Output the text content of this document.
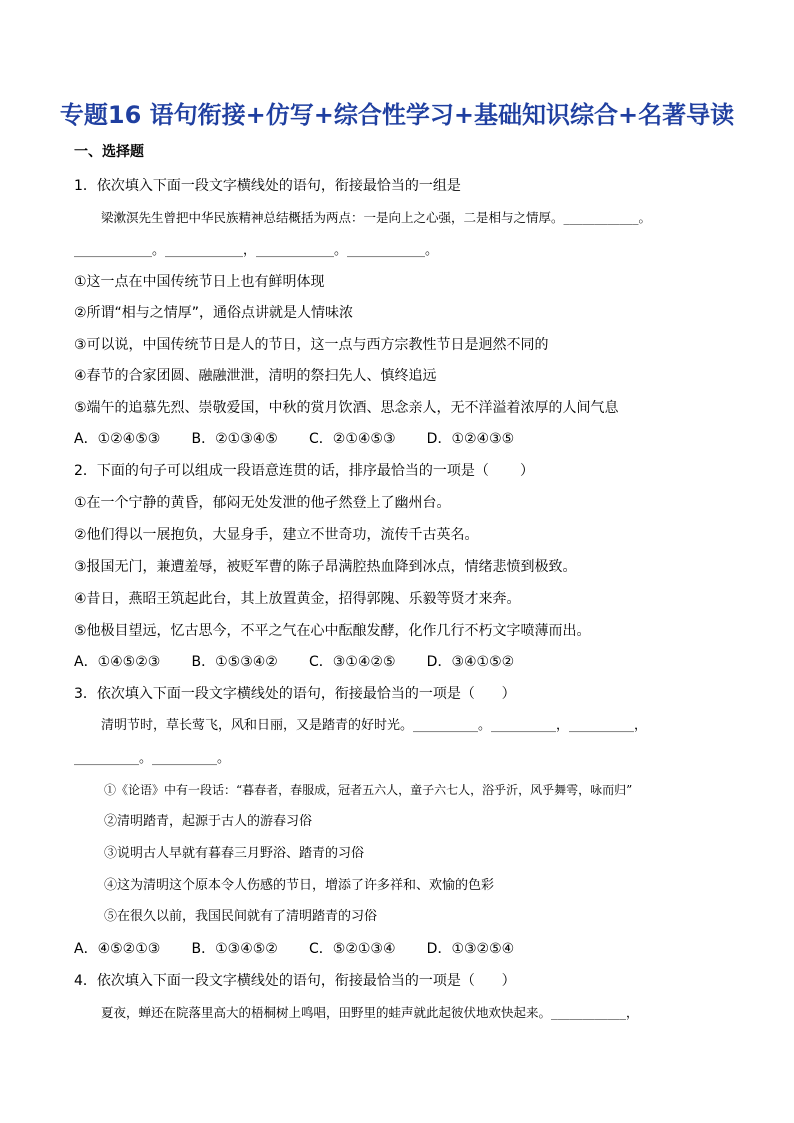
专题16 语句衔接+仿写+综合性学习+基础知识综合+名著导读
一、选择题
1．依次填入下面一段文字横线处的语句，衔接最恰当的一组是
梁漱溟先生曾把中华民族精神总结概括为两点：一是向上之心强，二是相与之情厚。____________。
____________。____________，____________。____________。
①这一点在中国传统节日上也有鲜明体现
②所谓“相与之情厚”，通俗点讲就是人情味浓
③可以说，中国传统节日是人的节日，这一点与西方宗教性节日是迥然不同的
④春节的合家团圆、融融泄泄，清明的祭扫先人、慎终追远
⑤端午的追慕先烈、崇敬爱国，中秋的赏月饮酒、思念亲人，无不洋溢着浓厚的人间气息
A．①②④⑤③       B．②①③④⑤       C．②①④⑤③       D．①②④③⑤
2．下面的句子可以组成一段语意连贯的话，排序最恰当的一项是（       ）
①在一个宁静的黄昏，郁闷无处发泄的他孑然登上了幽州台。
②他们得以一展抱负，大显身手，建立不世奇功，流传千古英名。
③报国无门，兼遭羞辱，被贬军曹的陈子昂满腔热血降到冰点，情绪悲愤到极致。
④昔日，燕昭王筑起此台，其上放置黄金，招得郭隗、乐毅等贤才来奔。
⑤他极目望远，忆古思今，不平之气在心中酝酿发酵，化作几行不朽文字喷薄而出。
A．①④⑤②③       B．①⑤③④②       C．③①④②⑤       D．③④①⑤②
3．依次填入下面一段文字横线处的语句，衔接最恰当的一项是（      ）
清明节时，草长莺飞，风和日丽，又是踏青的好时光。__________。__________，__________，
__________。__________。
①《论语》中有一段话：“暮春者，春服成，冠者五六人，童子六七人，浴乎沂，风乎舞雩，咏而归”
②清明踏青，起源于古人的游春习俗
③说明古人早就有暮春三月野浴、踏青的习俗
④这为清明这个原本令人伤感的节日，增添了许多祥和、欢愉的色彩
⑤在很久以前，我国民间就有了清明踏青的习俗
A．④⑤②①③       B．①③④⑤②       C．⑤②①③④       D．①③②⑤④
4．依次填入下面一段文字横线处的语句，衔接最恰当的一项是（      ）
夏夜，蝉还在院落里高大的梧桐树上鸣唱，田野里的蛙声就此起彼伏地欢快起来。____________，
